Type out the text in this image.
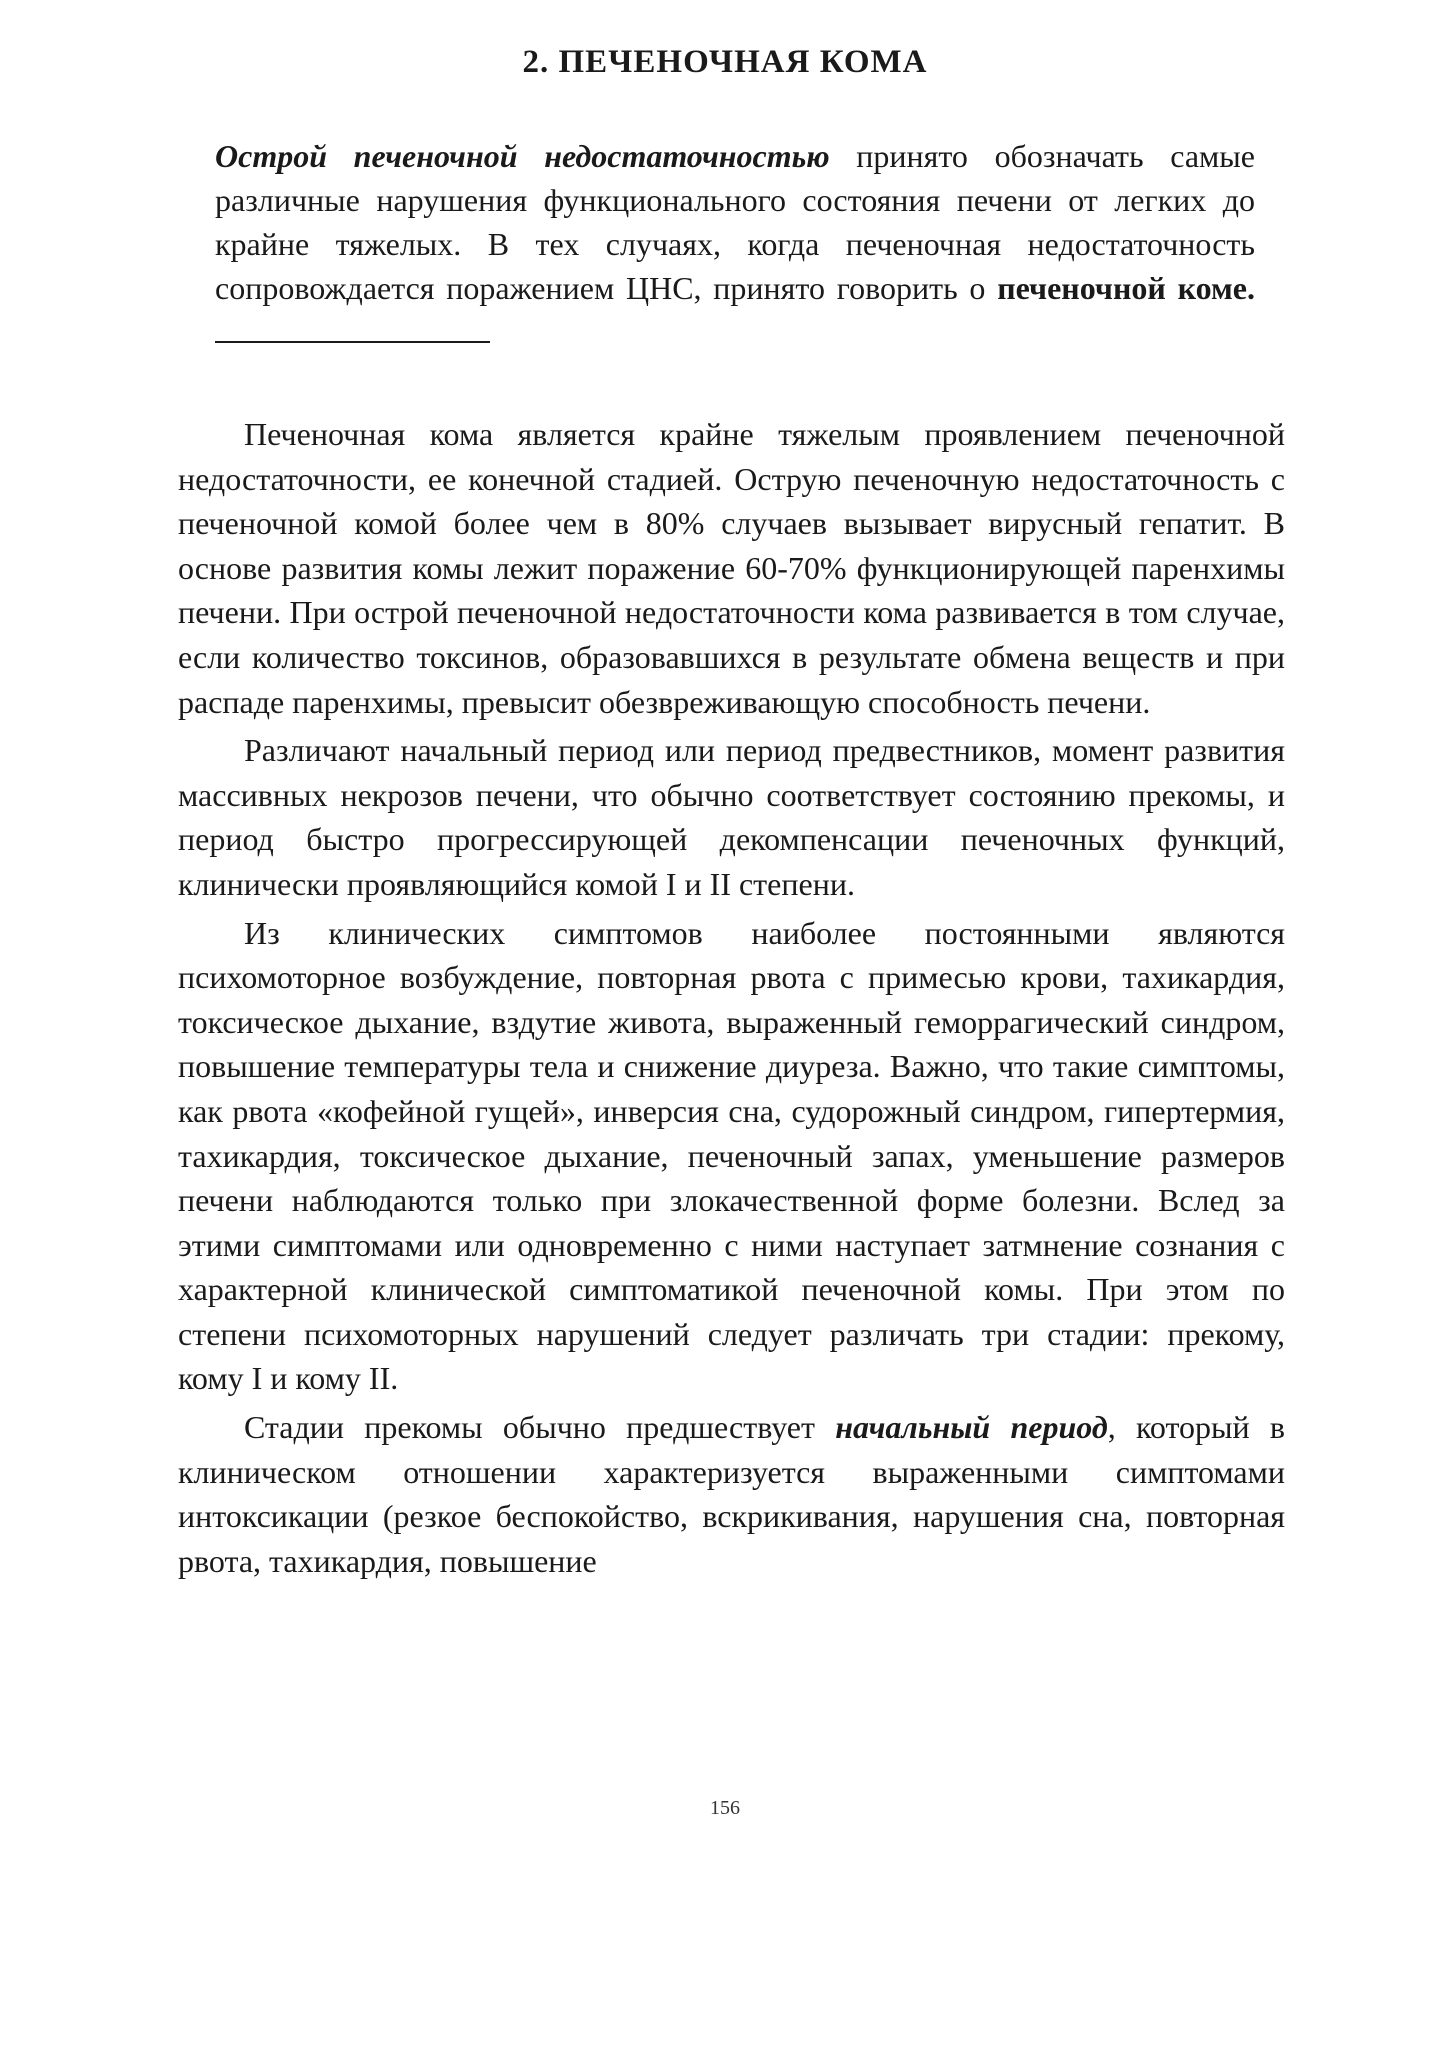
2. ПЕЧЕНОЧНАЯ КОМА

Острой печеночной недостаточностью принято обозначать самые различные нарушения функционального состояния печени от легких до крайне тяжелых. В тех случаях, когда печеночная недостаточность сопровождается поражением ЦНС, принято говорить о печеночной коме.

Печеночная кома является крайне тяжелым проявлением печеночной недостаточности, ее конечной стадией. Острую печеночную недостаточность с печеночной комой более чем в 80% случаев вызывает вирусный гепатит. В основе развития комы лежит поражение 60-70% функционирующей паренхимы печени. При острой печеночной недостаточности кома развивается в том случае, если количество токсинов, образовавшихся в результате обмена веществ и при распаде паренхимы, превысит обезвреживающую способность печени.

Различают начальный период или период предвестников, момент развития массивных некрозов печени, что обычно соответствует состоянию прекомы, и период быстро прогрессирующей декомпенсации печеночных функций, клинически проявляющийся комой I и II степени.

Из клинических симптомов наиболее постоянными являются психомоторное возбуждение, повторная рвота с примесью крови, тахикардия, токсическое дыхание, вздутие живота, выраженный геморрагический синдром, повышение температуры тела и снижение диуреза. Важно, что такие симптомы, как рвота «кофейной гущей», инверсия сна, судорожный синдром, гипертермия, тахикардия, токсическое дыхание, печеночный запах, уменьшение размеров печени наблюдаются только при злокачественной форме болезни. Вслед за этими симптомами или одновременно с ними наступает затмнение сознания с характерной клинической симптоматикой печеночной комы. При этом по степени психомоторных нарушений следует различать три стадии: прекому, кому I и кому II.

Стадии прекомы обычно предшествует начальный период, который в клиническом отношении характеризуется выраженными симптомами интоксикации (резкое беспокойство, вскрикивания, нарушения сна, повторная рвота, тахикардия, повышение

156
